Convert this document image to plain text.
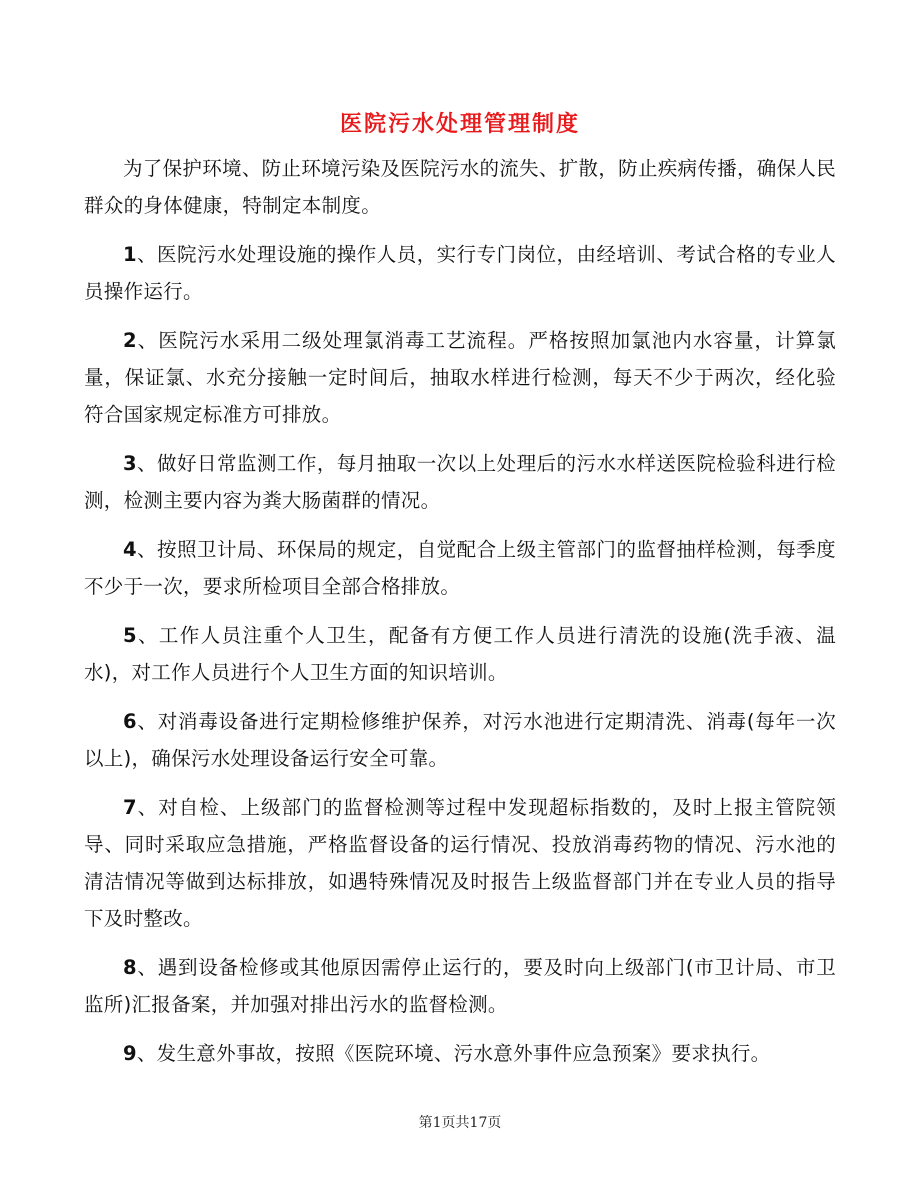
医院污水处理管理制度

为了保护环境、防止环境污染及医院污水的流失、扩散，防止疾病传播，确保人民群众的身体健康，特制定本制度。

1、医院污水处理设施的操作人员，实行专门岗位，由经培训、考试合格的专业人员操作运行。

2、医院污水采用二级处理氯消毒工艺流程。严格按照加氯池内水容量，计算氯量，保证氯、水充分接触一定时间后，抽取水样进行检测，每天不少于两次，经化验符合国家规定标准方可排放。

3、做好日常监测工作，每月抽取一次以上处理后的污水水样送医院检验科进行检测，检测主要内容为粪大肠菌群的情况。

4、按照卫计局、环保局的规定，自觉配合上级主管部门的监督抽样检测，每季度不少于一次，要求所检项目全部合格排放。

5、工作人员注重个人卫生，配备有方便工作人员进行清洗的设施(洗手液、温水)，对工作人员进行个人卫生方面的知识培训。

6、对消毒设备进行定期检修维护保养，对污水池进行定期清洗、消毒(每年一次以上)，确保污水处理设备运行安全可靠。

7、对自检、上级部门的监督检测等过程中发现超标指数的，及时上报主管院领导、同时采取应急措施，严格监督设备的运行情况、投放消毒药物的情况、污水池的清洁情况等做到达标排放，如遇特殊情况及时报告上级监督部门并在专业人员的指导下及时整改。

8、遇到设备检修或其他原因需停止运行的，要及时向上级部门(市卫计局、市卫监所)汇报备案，并加强对排出污水的监督检测。

9、发生意外事故，按照《医院环境、污水意外事件应急预案》要求执行。

第1页共17页
